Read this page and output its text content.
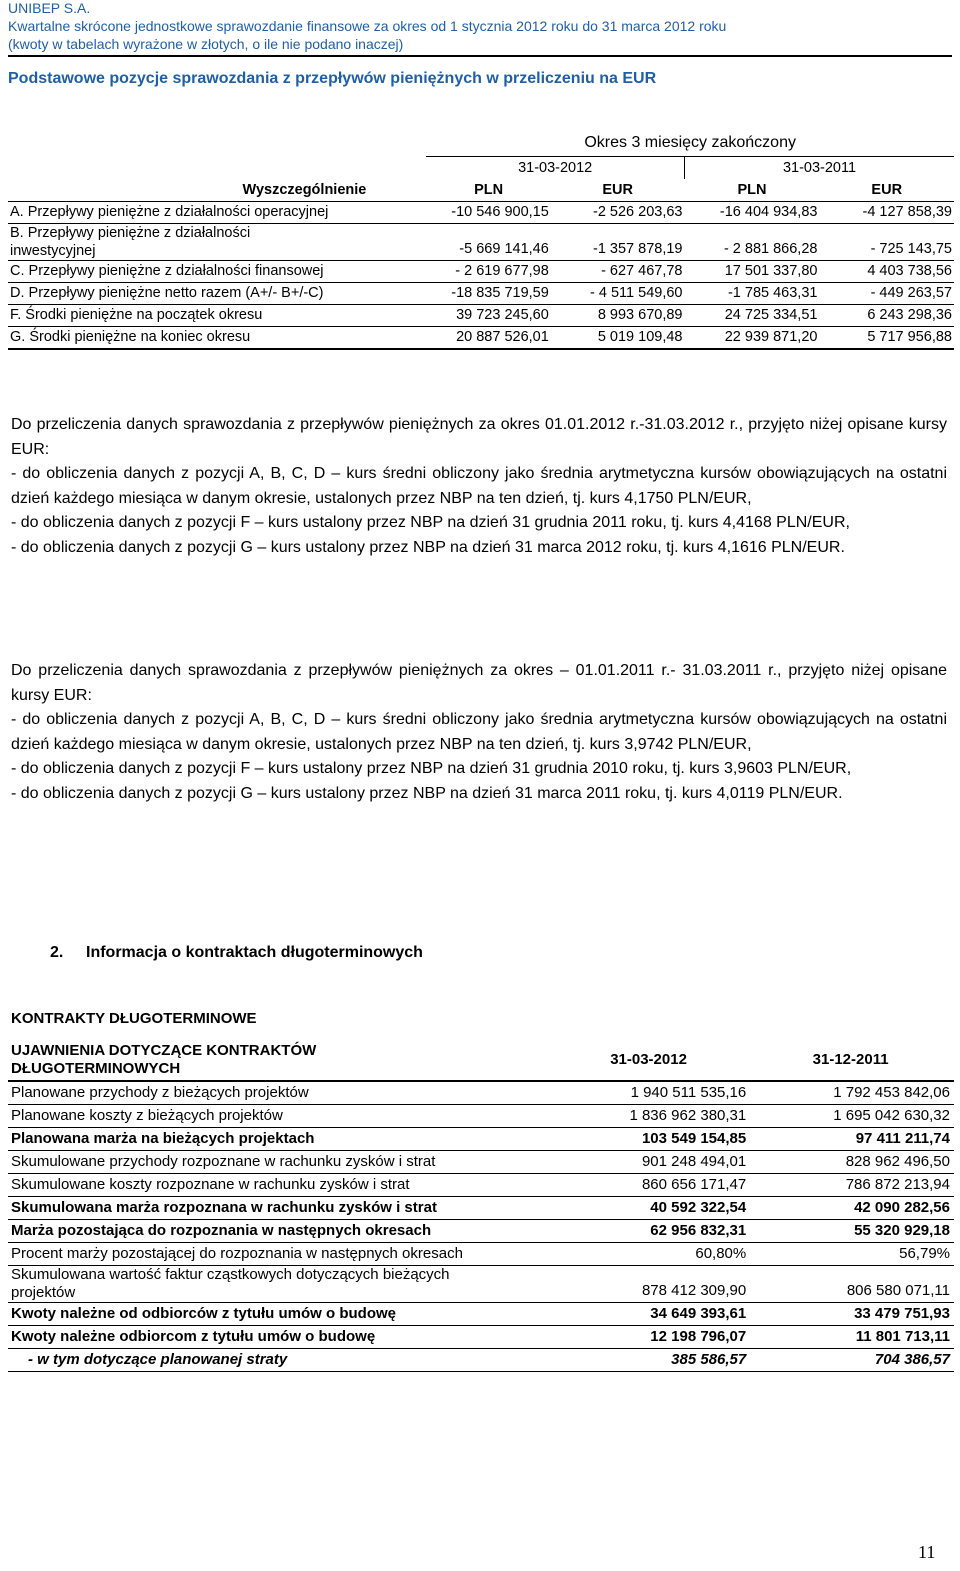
UNIBEP S.A.
Kwartalne skrócone jednostkowe sprawozdanie finansowe za okres od 1 stycznia 2012 roku do 31 marca 2012 roku
(kwoty w tabelach wyrażone w złotych, o ile nie podano inaczej)
Podstawowe pozycje sprawozdania z przepływów pieniężnych w przeliczeniu na EUR
	Okres 3 miesięcy zakończony			
	31-03-2012		31-03-2011	
Wyszczególnienie	PLN	EUR	PLN	EUR
A. Przepływy pieniężne z działalności operacyjnej	-10 546 900,15	-2 526 203,63	-16 404 934,83	-4 127 858,39

B. Przepływy pieniężne z działalności inwestycyjnej	-5 669 141,46	-1 357 878,19	- 2 881 866,28	- 725 143,75
C. Przepływy pieniężne z działalności finansowej	- 2 619 677,98	- 627 467,78	17 501 337,80	4 403 738,56
D. Przepływy pieniężne netto razem (A+/- B+/-C)	-18 835 719,59	- 4 511 549,60	-1 785 463,31	- 449 263,57
F. Środki pieniężne na początek okresu	39 723 245,60	8 993 670,89	24 725 334,51	6 243 298,36
G. Środki pieniężne na koniec okresu	20 887 526,01	5 019 109,48	22 939 871,20	5 717 956,88

Do przeliczenia danych sprawozdania z przepływów pieniężnych za okres 01.01.2012 r.-31.03.2012 r., przyjęto niżej opisane kursy EUR:

- do obliczenia danych z pozycji A, B, C, D – kurs średni obliczony jako średnia arytmetyczna kursów obowiązujących na ostatni dzień każdego miesiąca w danym okresie, ustalonych przez NBP na ten dzień, tj. kurs 4,1750 PLN/EUR,

- do obliczenia danych z pozycji F – kurs ustalony przez NBP na dzień 31 grudnia 2011 roku, tj. kurs 4,4168 PLN/EUR,

- do obliczenia danych z pozycji G – kurs ustalony przez NBP na dzień 31 marca 2012 roku, tj. kurs 4,1616 PLN/EUR.

Do przeliczenia danych sprawozdania z przepływów pieniężnych za okres – 01.01.2011 r.- 31.03.2011 r., przyjęto niżej opisane kursy EUR:

- do obliczenia danych z pozycji A, B, C, D – kurs średni obliczony jako średnia arytmetyczna kursów obowiązujących na ostatni dzień każdego miesiąca w danym okresie, ustalonych przez NBP na ten dzień, tj. kurs 3,9742 PLN/EUR,

- do obliczenia danych z pozycji F – kurs ustalony przez NBP na dzień 31 grudnia 2010 roku, tj. kurs 3,9603 PLN/EUR,

- do obliczenia danych z pozycji G – kurs ustalony przez NBP na dzień 31 marca 2011 roku, tj. kurs 4,0119 PLN/EUR.

2. Informacja o kontraktach długoterminowych
KONTRAKTY DŁUGOTERMINOWE
UJAWNIENIA DOTYCZĄCE KONTRAKTÓW DŁUGOTERMINOWYCH	31-03-2012	31-12-2011
Planowane przychody z bieżących projektów	1 940 511 535,16	1 792 453 842,06
Planowane koszty z bieżących projektów	1 836 962 380,31	1 695 042 630,32
Planowana marża na bieżących projektach	103 549 154,85	97 411 211,74
Skumulowane przychody rozpoznane w rachunku zysków i strat	901 248 494,01	828 962 496,50
Skumulowane koszty rozpoznane w rachunku zysków i strat	860 656 171,47	786 872 213,94
Skumulowana marża rozpoznana w rachunku zysków i strat	40 592 322,54	42 090 282,56
Marża pozostająca do rozpoznania w następnych okresach	62 956 832,31	55 320 929,18
Procent marży pozostającej do rozpoznania w następnych okresach	60,80%	56,79%

Skumulowana wartość faktur cząstkowych dotyczących bieżących projektów	878 412 309,90	806 580 071,11
Kwoty należne od odbiorców z tytułu umów o budowę	34 649 393,61	33 479 751,93
Kwoty należne odbiorcom z tytułu umów o budowę	12 198 796,07	11 801 713,11
- w tym dotyczące planowanej straty	385 586,57	704 386,57
11
